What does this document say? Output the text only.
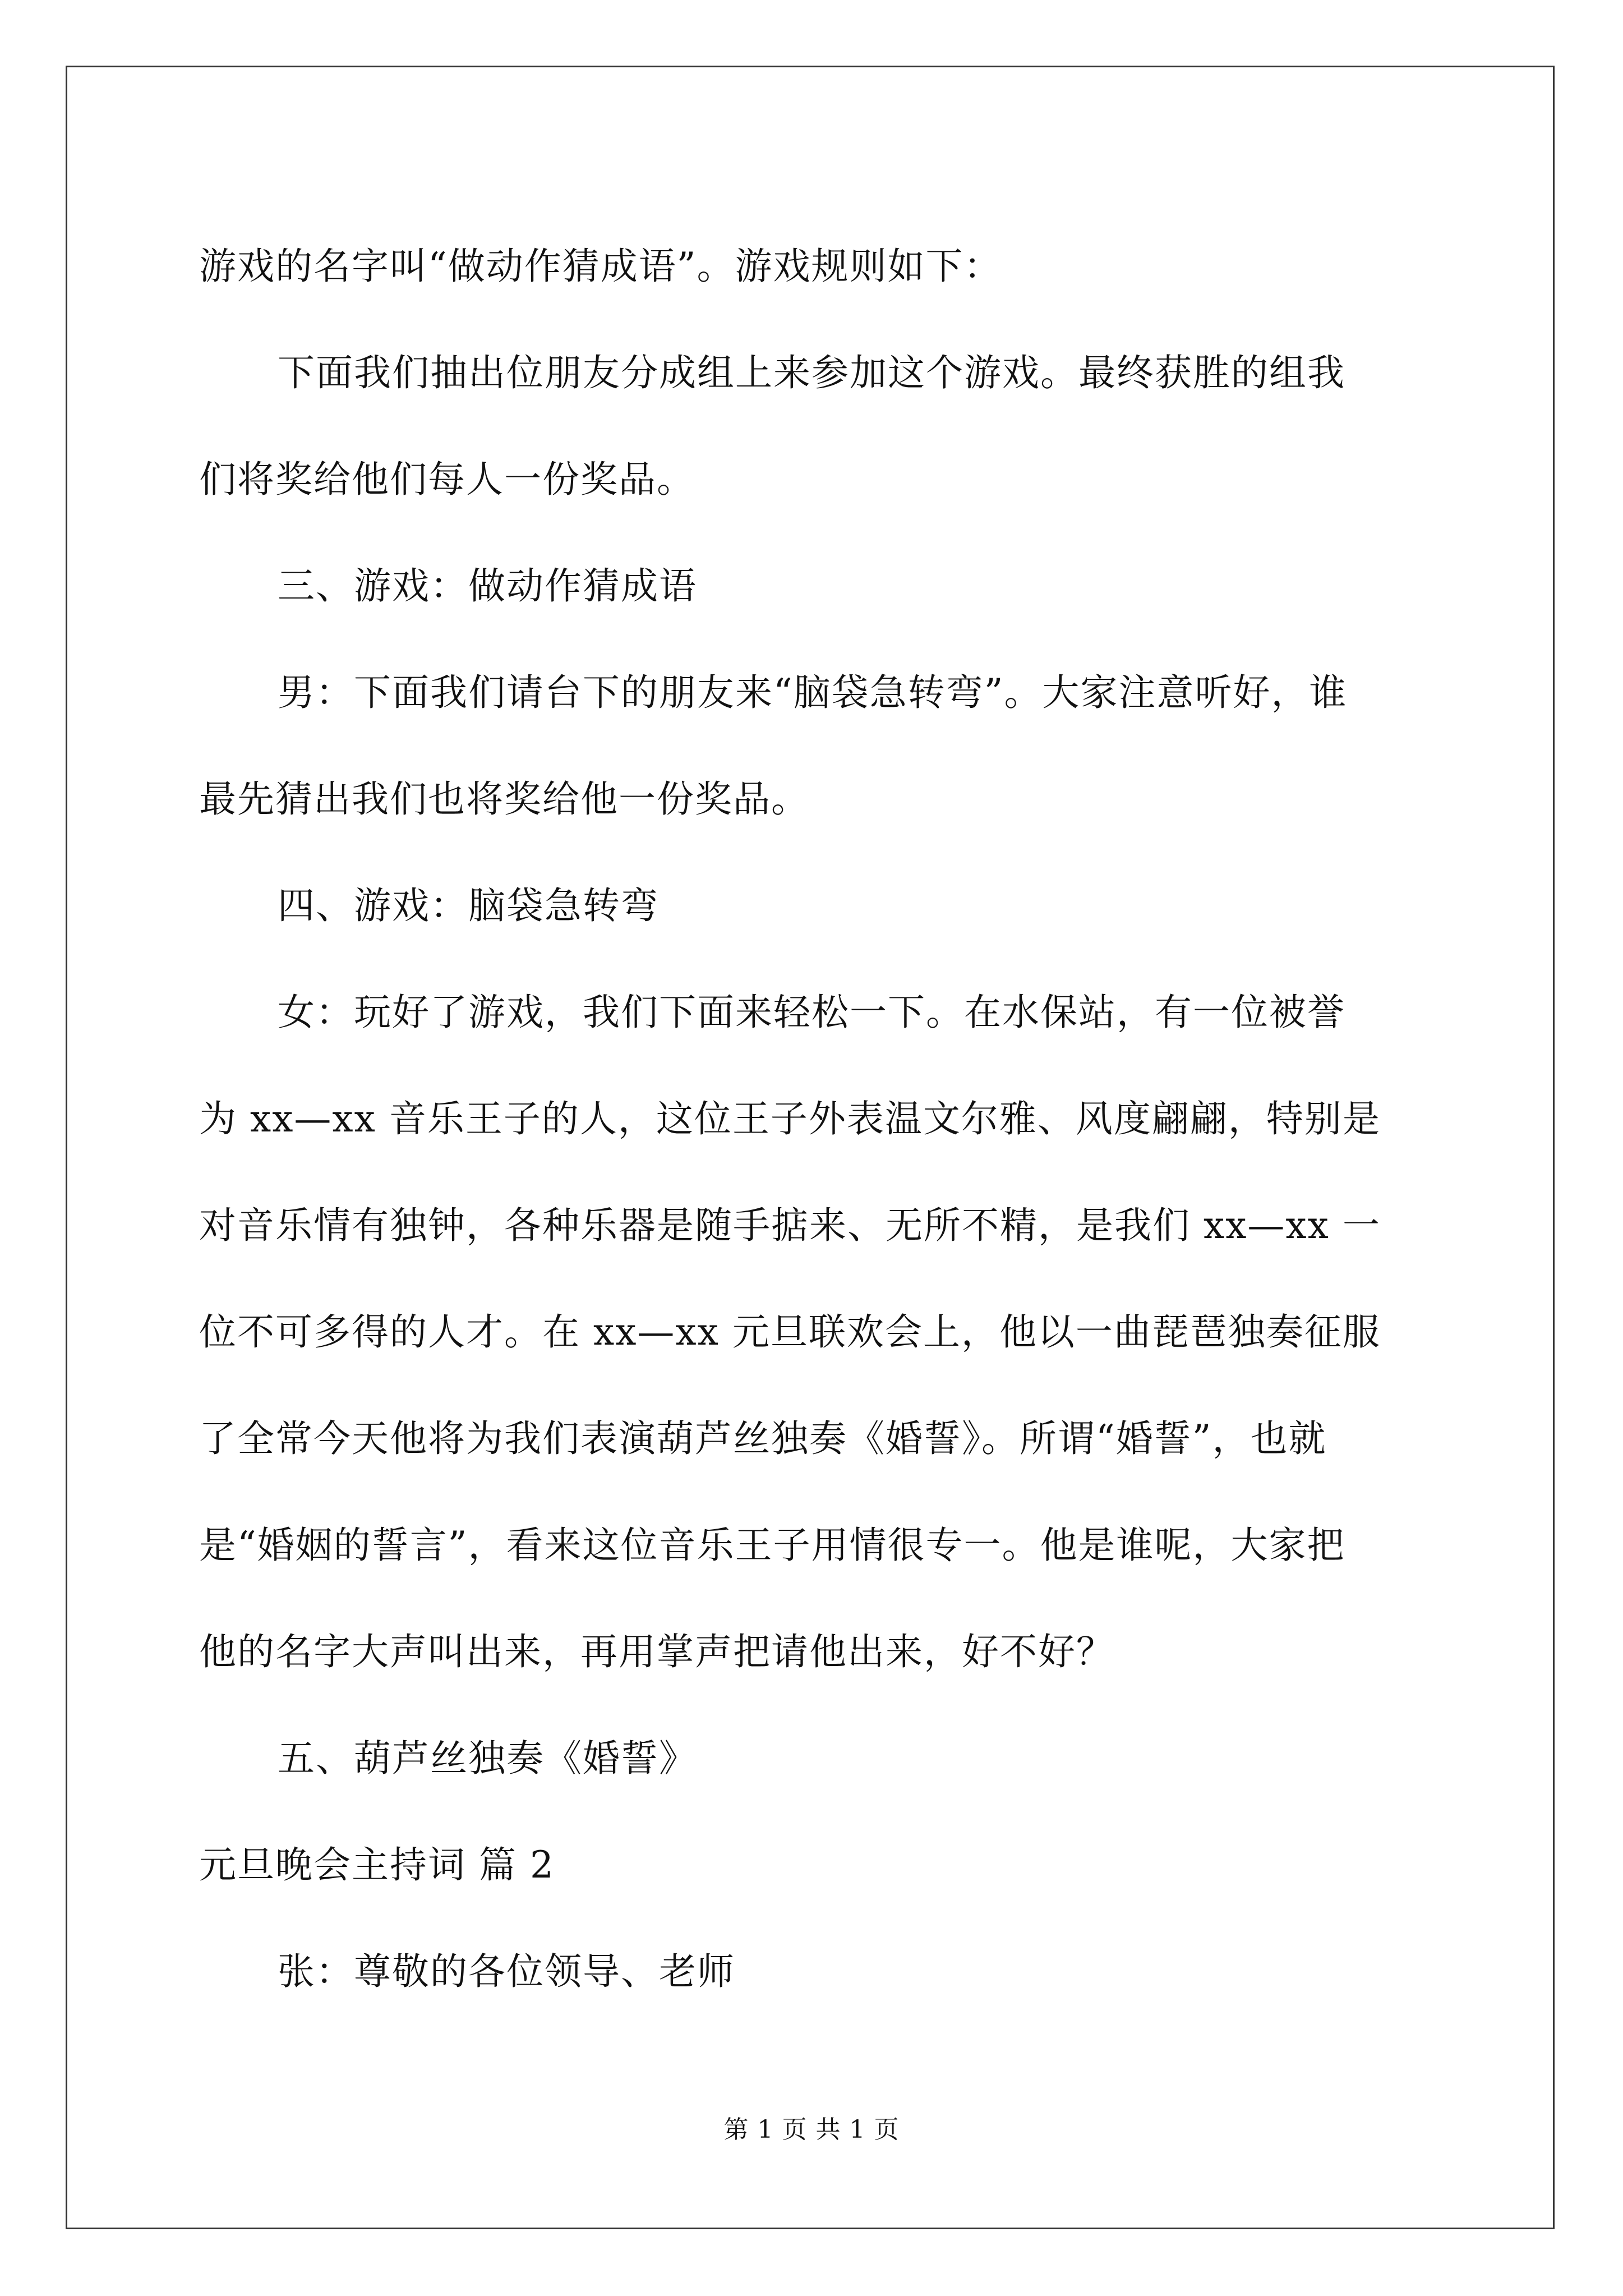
游戏的名字叫“做动作猜成语”。游戏规则如下：

下面我们抽出位朋友分成组上来参加这个游戏。最终获胜的组我
们将奖给他们每人一份奖品。

三、游戏：做动作猜成语

男：下面我们请台下的朋友来“脑袋急转弯”。大家注意听好，谁
最先猜出我们也将奖给他一份奖品。

四、游戏：脑袋急转弯

女：玩好了游戏，我们下面来轻松一下。在水保站，有一位被誉
为 xx—xx 音乐王子的人，这位王子外表温文尔雅、风度翩翩，特别是
对音乐情有独钟，各种乐器是随手掂来、无所不精，是我们 xx—xx 一
位不可多得的人才。在 xx—xx 元旦联欢会上，他以一曲琵琶独奏征服
了全常今天他将为我们表演葫芦丝独奏《婚誓》。所谓“婚誓”，也就
是“婚姻的誓言”，看来这位音乐王子用情很专一。他是谁呢，大家把
他的名字大声叫出来，再用掌声把请他出来，好不好？

五、葫芦丝独奏《婚誓》

元旦晚会主持词 篇 2

张：尊敬的各位领导、老师

第 1 页 共 1 页
